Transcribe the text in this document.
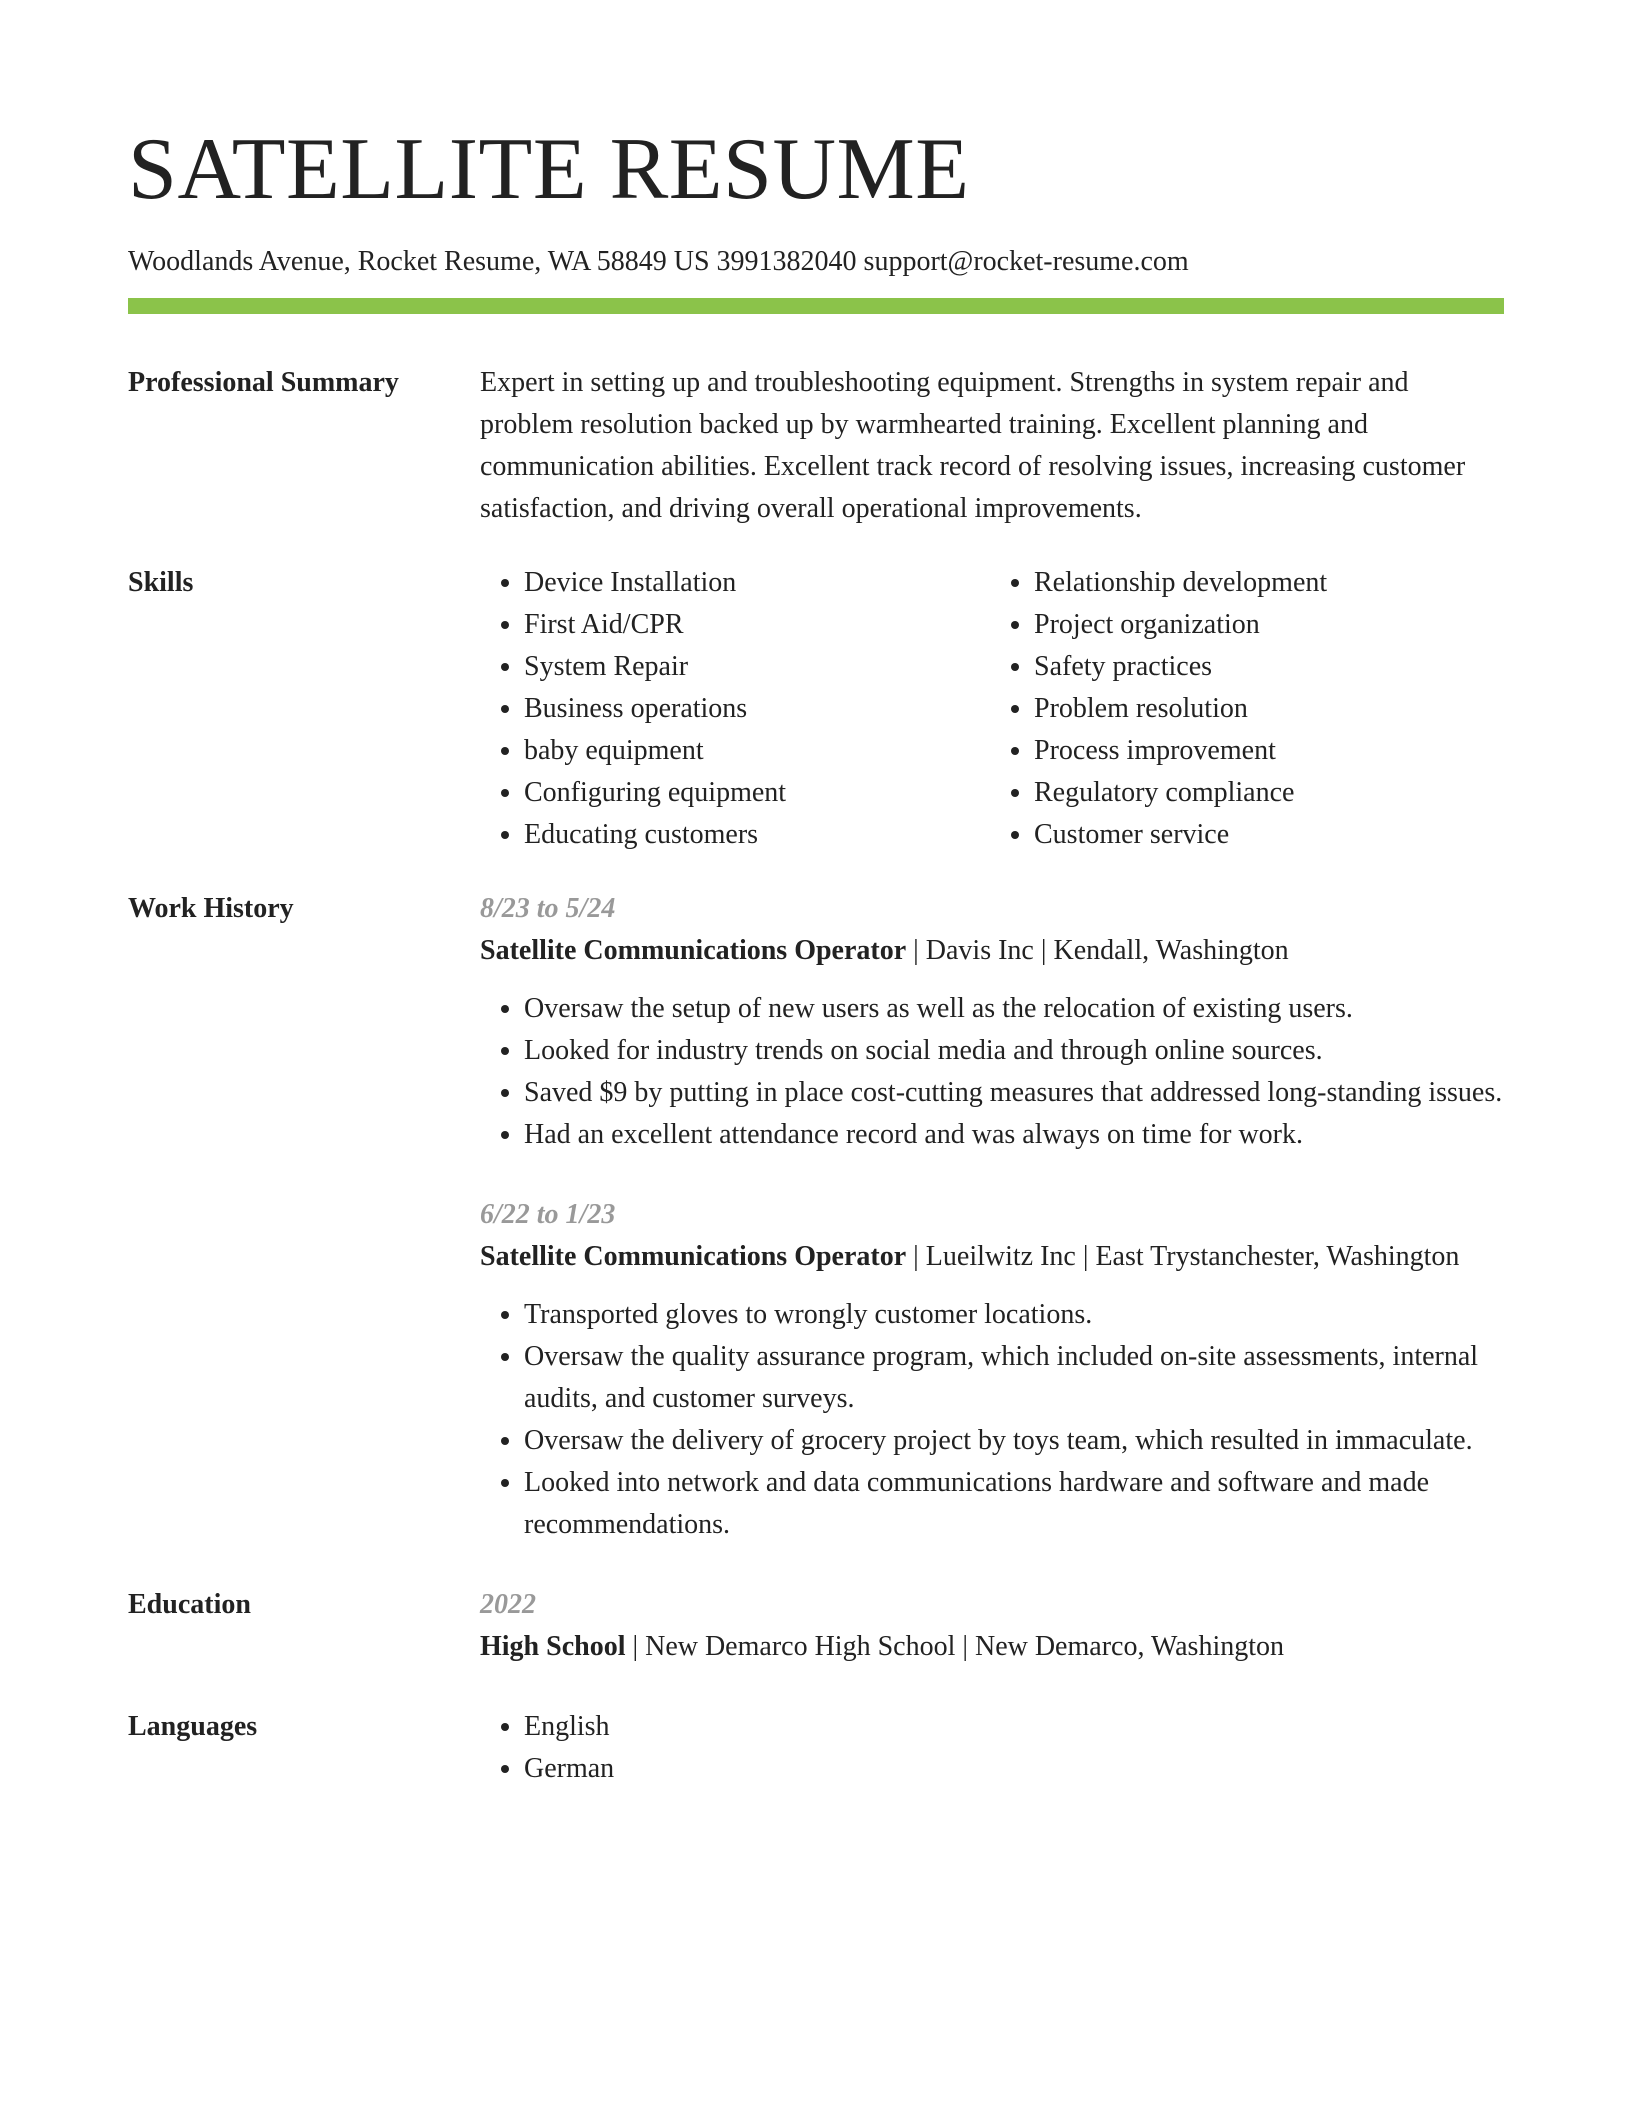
SATELLITE RESUME
Woodlands Avenue, Rocket Resume, WA 58849 US 3991382040 support@rocket-resume.com
Professional Summary	Expert in setting up and troubleshooting equipment. Strengths in system repair and problem resolution backed up by warmhearted training. Excellent planning and communication abilities. Excellent track record of resolving issues, increasing customer satisfaction, and driving overall operational improvements.
Skills	• Device Installation
• First Aid/CPR
• System Repair
• Business operations
• baby equipment
• Configuring equipment
• Educating customers
• Relationship development
• Project organization
• Safety practices
• Problem resolution
• Process improvement
• Regulatory compliance
• Customer service
Work History	8/23 to 5/24
Satellite Communications Operator | Davis Inc | Kendall, Washington
• Oversaw the setup of new users as well as the relocation of existing users.
• Looked for industry trends on social media and through online sources.
• Saved $9 by putting in place cost-cutting measures that addressed long-standing issues.
• Had an excellent attendance record and was always on time for work.
6/22 to 1/23
Satellite Communications Operator | Lueilwitz Inc | East Trystanchester, Washington
• Transported gloves to wrongly customer locations.
• Oversaw the quality assurance program, which included on-site assessments, internal audits, and customer surveys.
• Oversaw the delivery of grocery project by toys team, which resulted in immaculate.
• Looked into network and data communications hardware and software and made recommendations.
Education	2022
High School | New Demarco High School | New Demarco, Washington
Languages	• English
• German
